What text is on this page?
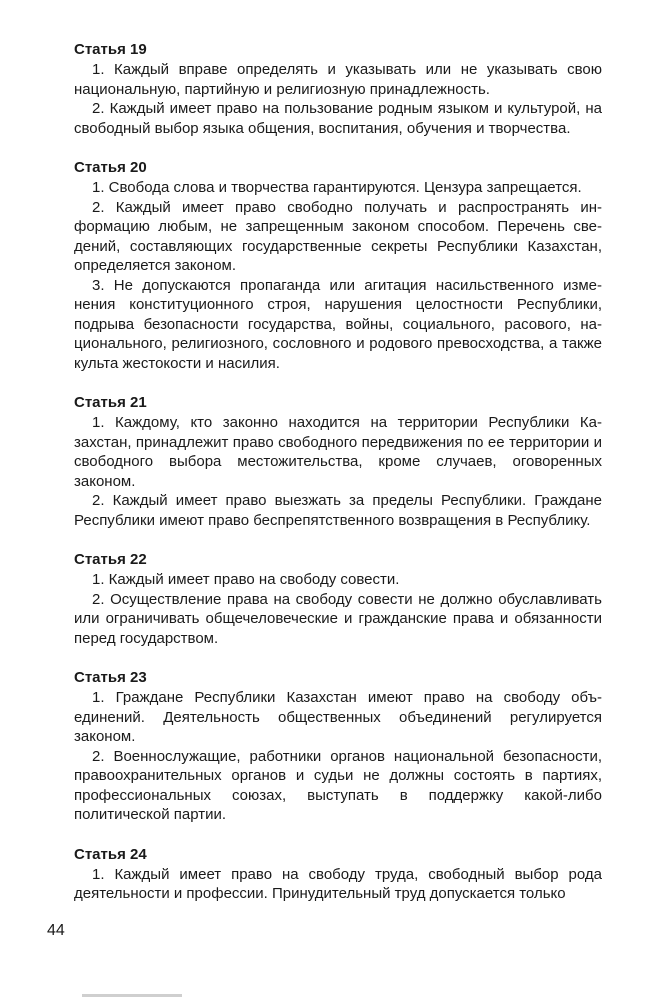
Статья 19

1. Каждый вправе определять и указывать или не указывать свою национальную, партийную и религиозную принадлежность.

2. Каждый имеет право на пользование родным языком и культурой, на свободный выбор языка общения, воспитания, обучения и творчества.

Статья 20

1. Свобода слова и творчества гарантируются. Цензура запрещается.

2. Каждый имеет право свободно получать и распространять информацию любым, не запрещенным законом способом. Перечень сведений, составляющих государственные секреты Республики Казахстан, определяется законом.

3. Не допускаются пропаганда или агитация насильственного изменения конституционного строя, нарушения целостности Республики, подрыва безопасности государства, войны, социального, расового, национального, религиозного, сословного и родового превосходства, а также культа жестокости и насилия.

Статья 21

1. Каждому, кто законно находится на территории Республики Казахстан, принадлежит право свободного передвижения по ее территории и свободного выбора местожительства, кроме случаев, оговоренных законом.

2. Каждый имеет право выезжать за пределы Республики. Граждане Республики имеют право беспрепятственного возвращения в Республику.

Статья 22

1. Каждый имеет право на свободу совести.

2. Осуществление права на свободу совести не должно обуславливать или ограничивать общечеловеческие и гражданские права и обязанности перед государством.

Статья 23

1. Граждане Республики Казахстан имеют право на свободу объединений. Деятельность общественных объединений регулируется законом.

2. Военнослужащие, работники органов национальной безопасности, правоохранительных органов и судьи не должны состоять в партиях, профессиональных союзах, выступать в поддержку какой-либо политической партии.

Статья 24

1. Каждый имеет право на свободу труда, свободный выбор рода деятельности и профессии. Принудительный труд допускается только

44
